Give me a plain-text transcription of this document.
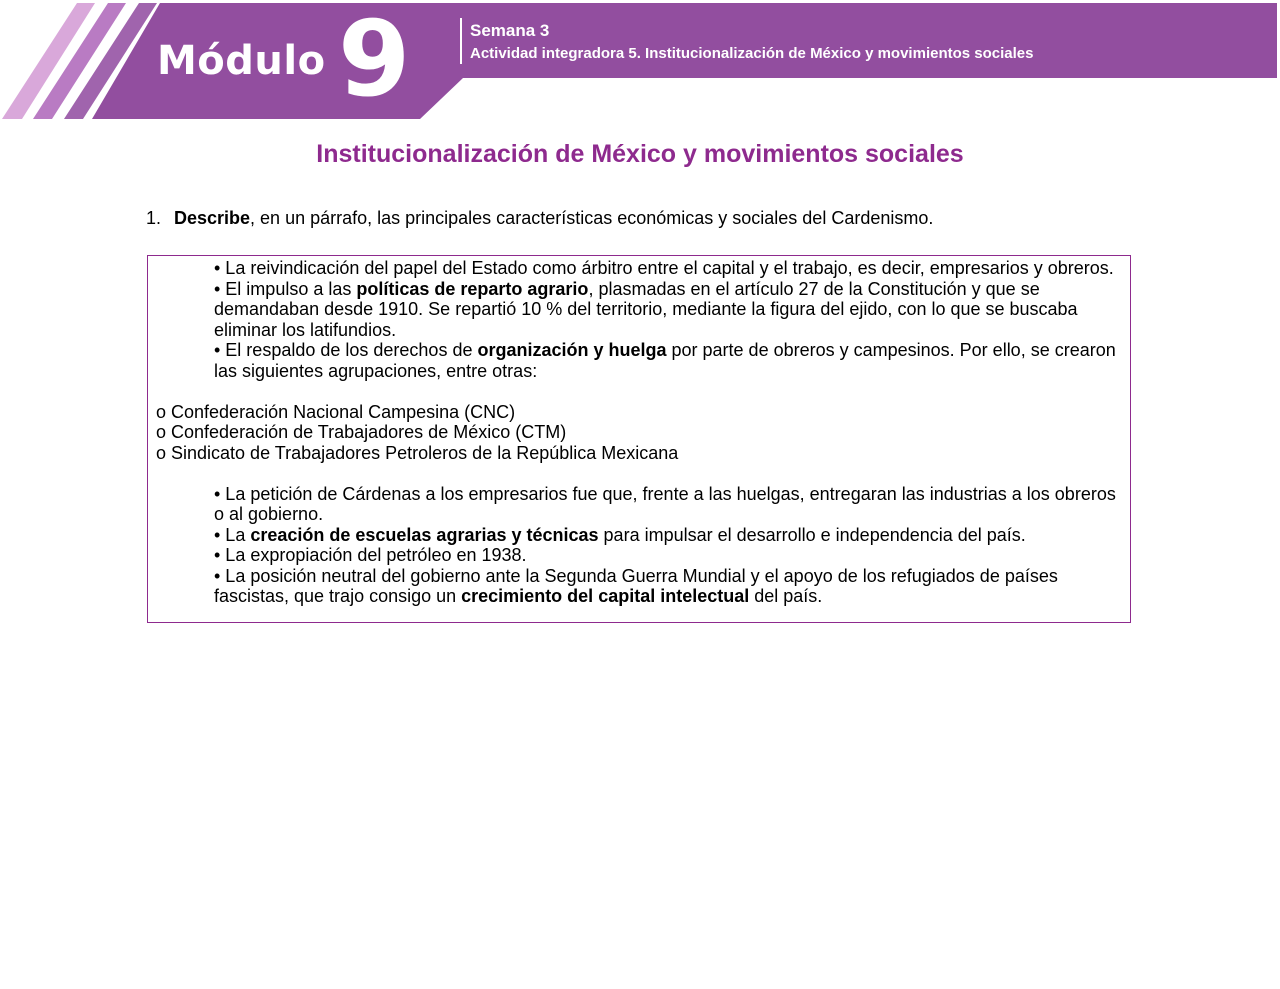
Módulo 9	Semana 3
Actividad integradora 5. Institucionalización de México y movimientos sociales
Institucionalización de México y movimientos sociales
1. Describe, en un párrafo, las principales características económicas y sociales del Cardenismo.
• La reivindicación del papel del Estado como árbitro entre el capital y el trabajo, es decir, empresarios y obreros.
• El impulso a las políticas de reparto agrario, plasmadas en el artículo 27 de la Constitución y que se demandaban desde 1910. Se repartió 10 % del territorio, mediante la figura del ejido, con lo que se buscaba eliminar los latifundios.
• El respaldo de los derechos de organización y huelga por parte de obreros y campesinos. Por ello, se crearon las siguientes agrupaciones, entre otras:
o Confederación Nacional Campesina (CNC)
o Confederación de Trabajadores de México (CTM)
o Sindicato de Trabajadores Petroleros de la República Mexicana
• La petición de Cárdenas a los empresarios fue que, frente a las huelgas, entregaran las industrias a los obreros o al gobierno.
• La creación de escuelas agrarias y técnicas para impulsar el desarrollo e independencia del país.
• La expropiación del petróleo en 1938.
• La posición neutral del gobierno ante la Segunda Guerra Mundial y el apoyo de los refugiados de países fascistas, que trajo consigo un crecimiento del capital intelectual del país.
